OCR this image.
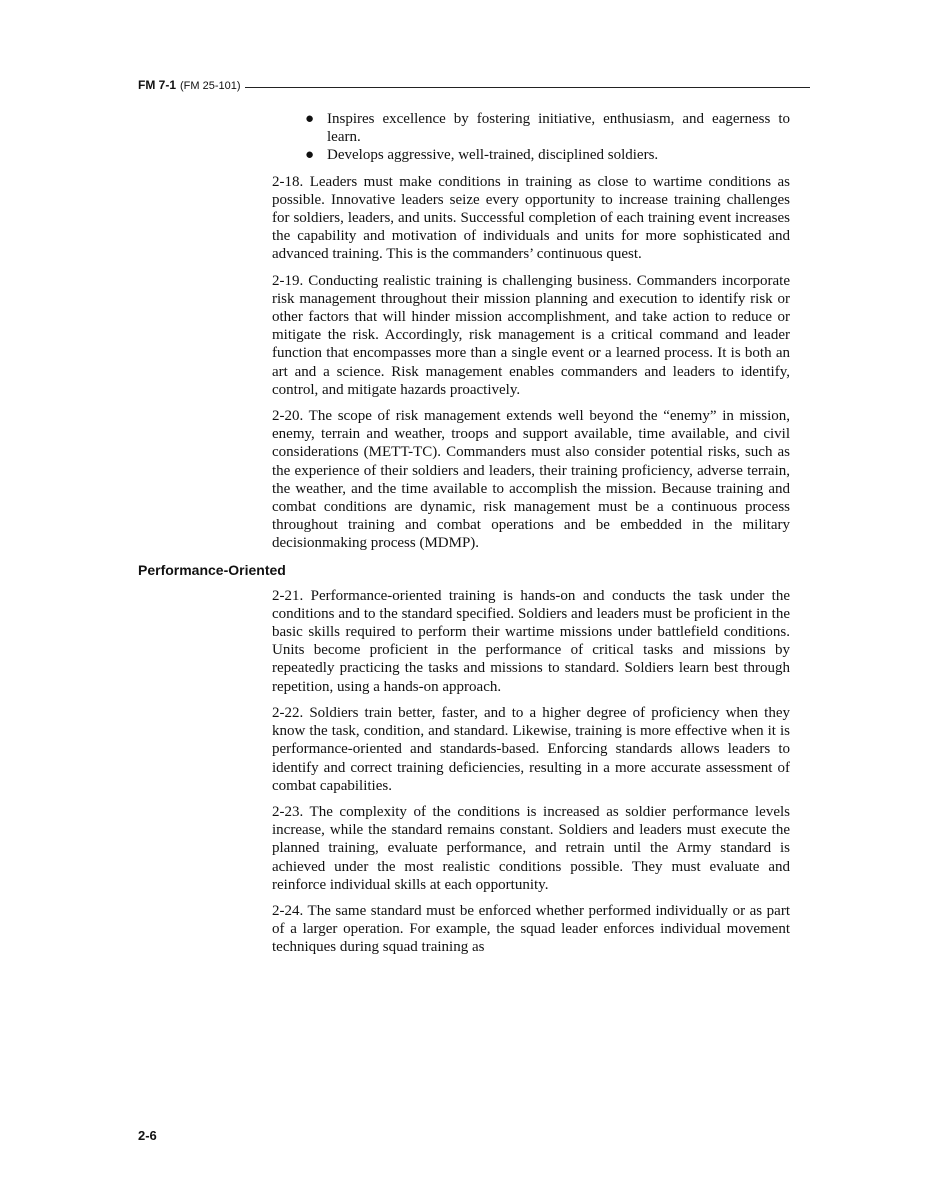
FM 7-1 (FM 25-101)
● Inspires excellence by fostering initiative, enthusiasm, and eagerness to learn.
● Develops aggressive, well-trained, disciplined soldiers.

2-18. Leaders must make conditions in training as close to wartime conditions as possible. Innovative leaders seize every opportunity to increase training challenges for soldiers, leaders, and units. Successful completion of each training event increases the capability and motivation of individuals and units for more sophisticated and advanced training. This is the commanders’ continuous quest.

2-19. Conducting realistic training is challenging business. Commanders incorporate risk management throughout their mission planning and execution to identify risk or other factors that will hinder mission accomplishment, and take action to reduce or mitigate the risk. Accordingly, risk management is a critical command and leader function that encompasses more than a single event or a learned process. It is both an art and a science. Risk management enables commanders and leaders to identify, control, and mitigate hazards proactively.

2-20. The scope of risk management extends well beyond the “enemy” in mission, enemy, terrain and weather, troops and support available, time available, and civil considerations (METT-TC). Commanders must also consider potential risks, such as the experience of their soldiers and leaders, their training proficiency, adverse terrain, the weather, and the time available to accomplish the mission. Because training and combat conditions are dynamic, risk management must be a continuous process throughout training and combat operations and be embedded in the military decisionmaking process (MDMP).

Performance-Oriented

2-21. Performance-oriented training is hands-on and conducts the task under the conditions and to the standard specified. Soldiers and leaders must be proficient in the basic skills required to perform their wartime missions under battlefield conditions. Units become proficient in the performance of critical tasks and missions by repeatedly practicing the tasks and missions to standard. Soldiers learn best through repetition, using a hands-on approach.

2-22. Soldiers train better, faster, and to a higher degree of proficiency when they know the task, condition, and standard. Likewise, training is more effective when it is performance-oriented and standards-based. Enforcing standards allows leaders to identify and correct training deficiencies, resulting in a more accurate assessment of combat capabilities.

2-23. The complexity of the conditions is increased as soldier performance levels increase, while the standard remains constant. Soldiers and leaders must execute the planned training, evaluate performance, and retrain until the Army standard is achieved under the most realistic conditions possible. They must evaluate and reinforce individual skills at each opportunity.

2-24. The same standard must be enforced whether performed individually or as part of a larger operation. For example, the squad leader enforces individual movement techniques during squad training as

2-6
